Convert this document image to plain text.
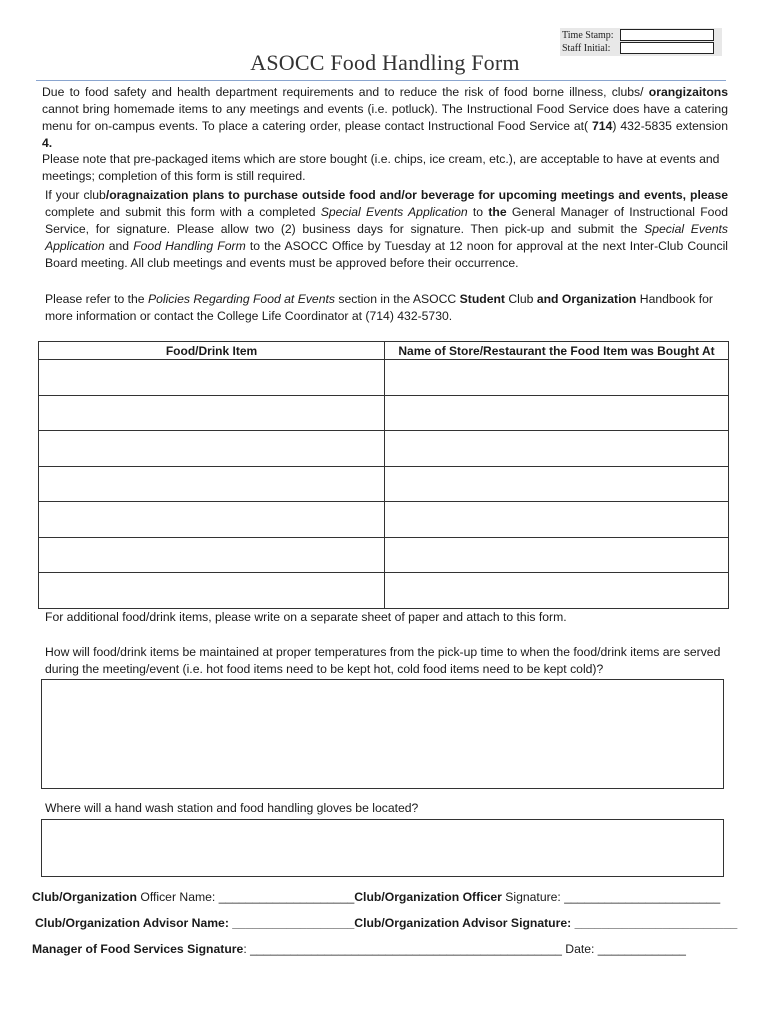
Time Stamp:
Staff Initial:
ASOCC Food Handling Form
Due to food safety and health department requirements and to reduce the risk of food borne illness, clubs/ orangizaitons cannot bring homemade items to any meetings and events (i.e. potluck). The Instructional Food Service does have a catering menu for on-campus events. To place a catering order, please contact Instructional Food Service at( 714) 432-5835 extension 4.
Please note that pre-packaged items which are store bought (i.e. chips, ice cream, etc.), are acceptable to have at events and meetings; completion of this form is still required.
If your club/oragnaization plans to purchase outside food and/or beverage for upcoming meetings and events, please complete and submit this form with a completed Special Events Application to the General Manager of Instructional Food Service, for signature. Please allow two (2) business days for signature. Then pick-up and submit the Special Events Application and Food Handling Form to the ASOCC Office by Tuesday at 12 noon for approval at the next Inter-Club Council Board meeting. All club meetings and events must be approved before their occurrence.
Please refer to the Policies Regarding Food at Events section in the ASOCC Student Club and Organization Handbook for more information or contact the College Life Coordinator at (714) 432-5730.
Food/Drink Item	Name of Store/Restaurant the Food Item was Bought At

For additional food/drink items, please write on a separate sheet of paper and attach to this form.
How will food/drink items be maintained at proper temperatures from the pick-up time to when the food/drink items are served during the meeting/event (i.e. hot food items need to be kept hot, cold food items need to be kept cold)?
Where will a hand wash station and food handling gloves be located?
Club/Organization Officer Name: ____________________Club/Organization Officer Signature: _______________________
Club/Organization Advisor Name: __________________Club/Organization Advisor Signature: ________________________
Manager of Food Services Signature: ______________________________________________ Date: _____________
